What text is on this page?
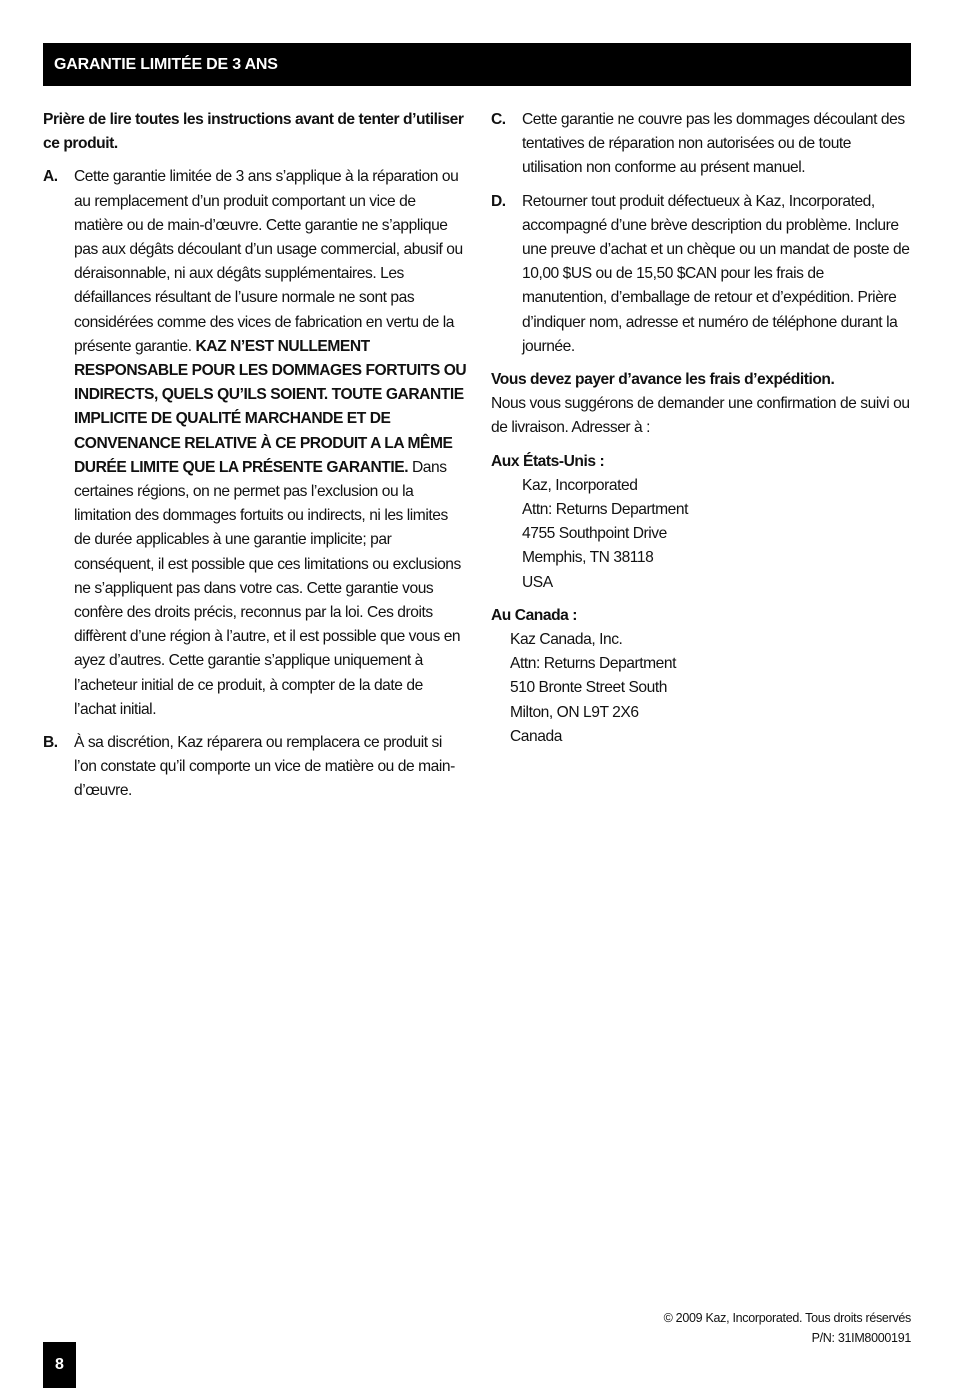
GARANTIE LIMITÉE DE 3 ANS

Prière de lire toutes les instructions avant de tenter d’utiliser ce produit.

A.	Cette garantie limitée de 3 ans s’applique à la réparation ou au remplacement d’un produit comportant un vice de matière ou de main-d’œuvre. Cette garantie ne s’applique pas aux dégâts découlant d’un usage commercial, abusif ou déraisonnable, ni aux dégâts supplémentaires. Les défaillances résultant de l’usure normale ne sont pas considérées comme des vices de fabrication en vertu de la présente garantie. KAZ N’EST NULLEMENT RESPONSABLE POUR LES DOMMAGES FORTUITS OU INDIRECTS, QUELS QU’ILS SOIENT. TOUTE GARANTIE IMPLICITE DE QUALITÉ MARCHANDE ET DE CONVENANCE RELATIVE À CE PRODUIT A LA MÊME DURÉE LIMITE QUE LA PRÉSENTE GARANTIE. Dans certaines régions, on ne permet pas l’exclusion ou la limitation des dommages fortuits ou indirects, ni les limites de durée applicables à une garantie implicite; par conséquent, il est possible que ces limitations ou exclusions ne s’appliquent pas dans votre cas. Cette garantie vous confère des droits précis, reconnus par la loi. Ces droits diffèrent d’une région à l’autre, et il est possible que vous en ayez d’autres. Cette garantie s’applique uniquement à l’acheteur initial de ce produit, à compter de la date de l’achat initial.
B.	À sa discrétion, Kaz réparera ou remplacera ce produit si l’on constate qu’il comporte un vice de matière ou de main-d’œuvre.
C.	Cette garantie ne couvre pas les dommages découlant des tentatives de réparation non autorisées ou de toute utilisation non conforme au présent manuel.
D.	Retourner tout produit défectueux à Kaz, Incorporated, accompagné d’une brève description du problème. Inclure une preuve d’achat et un chèque ou un mandat de poste de 10,00 $US ou de 15,50 $CAN pour les frais de manutention, d’emballage de retour et d’expédition. Prière d’indiquer nom, adresse et numéro de téléphone durant la journée.

Vous devez payer d’avance les frais d’expédition.
Nous vous suggérons de demander une confirmation de suivi ou de livraison. Adresser à :

Aux États-Unis :
Kaz, Incorporated
Attn: Returns Department
4755 Southpoint Drive
Memphis, TN 38118
USA
Au Canada :
Kaz Canada, Inc.
Attn: Returns Department
510 Bronte Street South
Milton, ON L9T 2X6
Canada
© 2009 Kaz, Incorporated. Tous droits réservés
P/N: 31IM8000191
8
